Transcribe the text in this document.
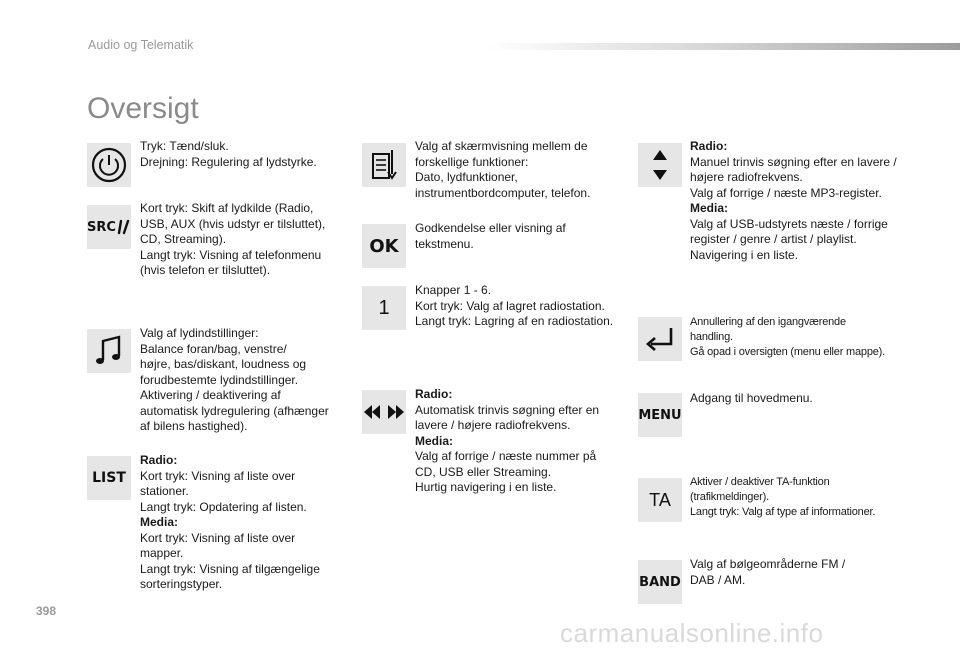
Audio og Telematik
Oversigt
Tryk: Tænd/sluk.
Drejning: Regulering af lydstyrke.
SRC
Kort tryk: Skift af lydkilde (Radio,
USB, AUX (hvis udstyr er tilsluttet),
CD, Streaming).
Langt tryk: Visning af telefonmenu
(hvis telefon er tilsluttet).
Valg af lydindstillinger:
Balance foran/bag, venstre/
højre, bas/diskant, loudness og
forudbestemte lydindstillinger.
Aktivering / deaktivering af
automatisk lydregulering (afhænger
af bilens hastighed).
LIST
Radio:
Kort tryk: Visning af liste over
stationer.
Langt tryk: Opdatering af listen.
Media:
Kort tryk: Visning af liste over
mapper.
Langt tryk: Visning af tilgængelige
sorteringstyper.
Valg af skærmvisning mellem de
forskellige funktioner:
Dato, lydfunktioner,
instrumentbordcomputer, telefon.
OK
Godkendelse eller visning af
tekstmenu.
1
Knapper 1 - 6.
Kort tryk: Valg af lagret radiostation.
Langt tryk: Lagring af en radiostation.
Radio:
Automatisk trinvis søgning efter en
lavere / højere radiofrekvens.
Media:
Valg af forrige / næste nummer på
CD, USB eller Streaming.
Hurtig navigering i en liste.
Radio:
Manuel trinvis søgning efter en lavere /
højere radiofrekvens.
Valg af forrige / næste MP3-register.
Media:
Valg af USB-udstyrets næste / forrige
register / genre / artist / playlist.
Navigering i en liste.
Annullering af den igangværende
handling.
Gå opad i oversigten (menu eller mappe).
MENU
Adgang til hovedmenu.
TA
Aktiver / deaktiver TA-funktion
(trafikmeldinger).
Langt tryk: Valg af type af informationer.
BAND
Valg af bølgeområderne FM /
DAB / AM.
398
carmanualsonline.info
